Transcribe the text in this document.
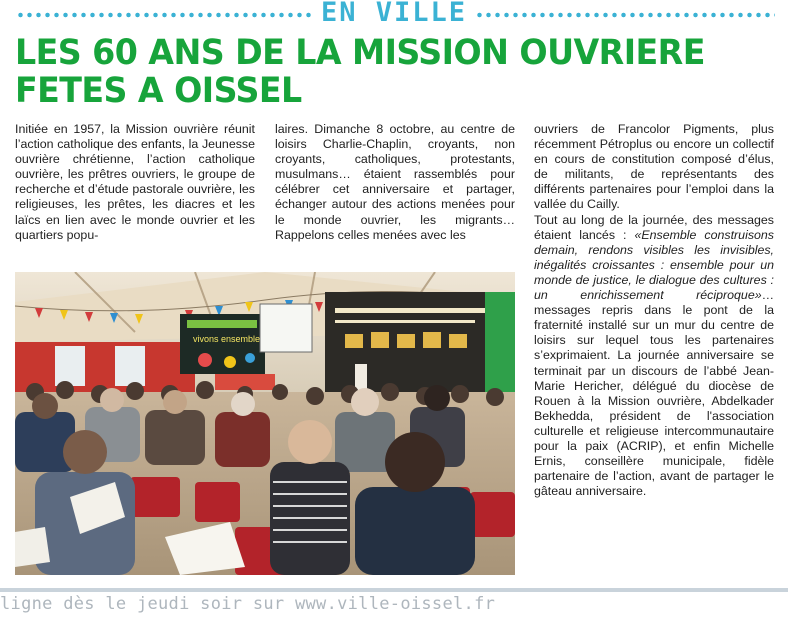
EN VILLE
LES 60 ANS DE LA MISSION OUVRIERE
FETES A OISSEL

Initiée en 1957, la Mission ouvrière réunit l’action catholique des enfants, la Jeunesse ouvrière chrétienne, l’action catholique ouvrière, les prêtres ouvriers, le groupe de recherche et d’étude pastorale ouvrière, les religieuses, les prêtes, les diacres et les laïcs en lien avec le monde ouvrier et les quartiers popu-

laires. Dimanche 8 octobre, au centre de loisirs Charlie-Chaplin, croyants, non croyants, catholiques, protestants, musulmans… étaient rassemblés pour célébrer cet anniversaire et partager, échanger autour des actions menées pour le monde ouvrier, les migrants… Rappelons celles menées avec les

ouvriers de Francolor Pigments, plus récemment Pétroplus ou encore un collectif en cours de constitution composé d’élus, de militants, de représentants des différents partenaires pour l’emploi dans la vallée du Cailly.

Tout au long de la journée, des messages étaient lancés : «Ensemble construisons demain, rendons visibles les invisibles, inégalités croissantes : ensemble pour un monde de justice, le dialogue des cultures : un enrichissement réciproque»… messages repris dans le pont de la fraternité installé sur un mur du centre de loisirs sur lequel tous les partenaires s’exprimaient. La journée anniversaire se terminait par un discours de l’abbé Jean-Marie Hericher, délégué du diocèse de Rouen à la Mission ouvrière, Abdelkader Bekhedda, président de l'association culturelle et religieuse intercommunautaire pour la paix (ACRIP), et enfin Michelle Ernis, conseillère municipale, fidèle partenaire de l’action, avant de partager le gâteau anniversaire.

vivons ensemble
ligne dès le jeudi soir sur www.ville-oissel.fr
